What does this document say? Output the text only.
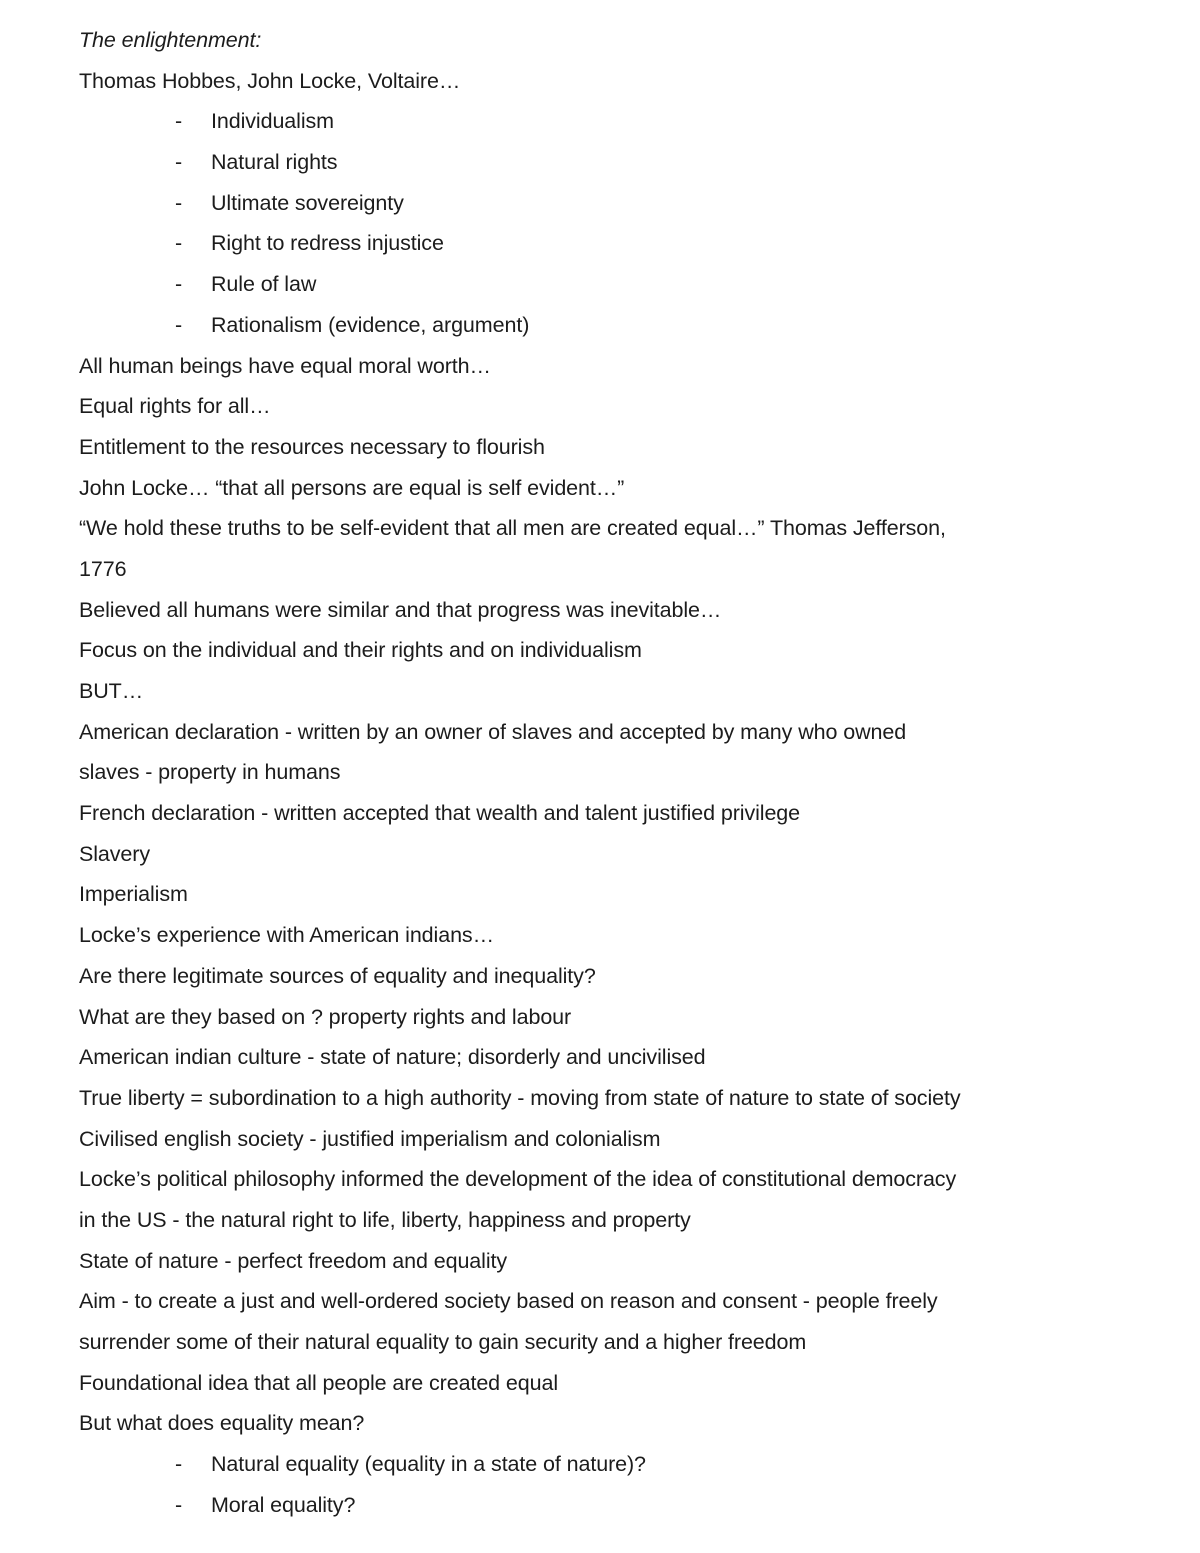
The enlightenment:
Thomas Hobbes, John Locke, Voltaire…
- Individualism
- Natural rights
- Ultimate sovereignty
- Right to redress injustice
- Rule of law
- Rationalism (evidence, argument)
All human beings have equal moral worth…
Equal rights for all…
Entitlement to the resources necessary to flourish
John Locke… “that all persons are equal is self evident…”
“We hold these truths to be self-evident that all men are created equal…” Thomas Jefferson,
1776
Believed all humans were similar and that progress was inevitable…
Focus on the individual and their rights and on individualism
BUT…
American declaration - written by an owner of slaves and accepted by many who owned
slaves - property in humans
French declaration - written accepted that wealth and talent justified privilege
Slavery
Imperialism
Locke’s experience with American indians…
Are there legitimate sources of equality and inequality?
What are they based on ? property rights and labour
American indian culture - state of nature; disorderly and uncivilised
True liberty = subordination to a high authority - moving from state of nature to state of society
Civilised english society - justified imperialism and colonialism
Locke’s political philosophy informed the development of the idea of constitutional democracy
in the US - the natural right to life, liberty, happiness and property
State of nature - perfect freedom and equality
Aim - to create a just and well-ordered society based on reason and consent - people freely
surrender some of their natural equality to gain security and a higher freedom
Foundational idea that all people are created equal
But what does equality mean?
- Natural equality (equality in a state of nature)?
- Moral equality?
